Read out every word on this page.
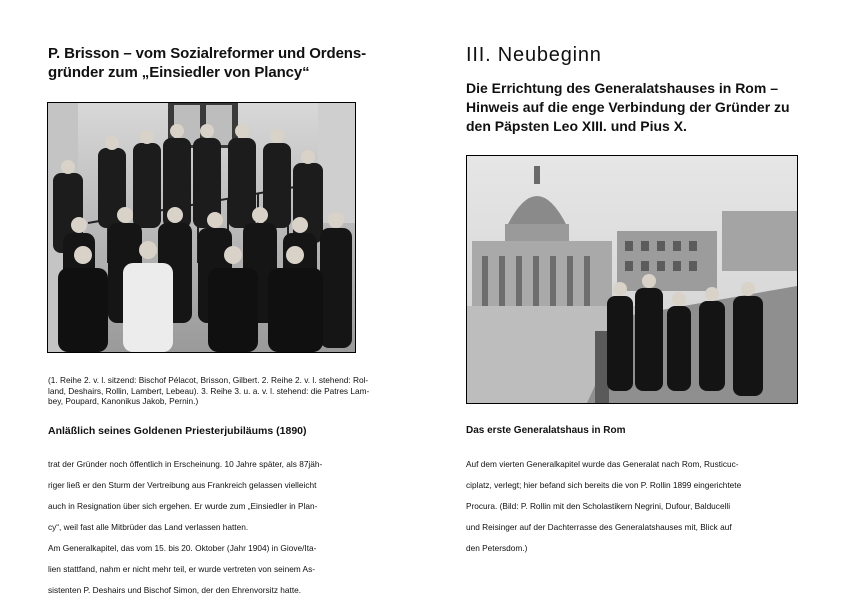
P. Brisson – vom Sozialreformer und Ordens-
gründer zum „Einsiedler von Plancy“
(1. Reihe 2. v. l. sitzend: Bischof Pélacot, Brisson, Gilbert. 2. Reihe 2. v. l. stehend: Rol- land, Deshairs, Rollin, Lambert, Lebeau). 3. Reihe 3. u. a. v. l. stehend: die Patres Lam- bey, Poupard, Kanonikus Jakob, Pernin.)
Anläßlich seines Goldenen Priesterjubiläums (1890)

trat der Gründer noch öffentlich in Erscheinung. 10 Jahre später, als 87jäh-

riger ließ er den Sturm der Vertreibung aus Frankreich gelassen vielleicht

auch in Resignation über sich ergehen. Er wurde zum „Einsiedler in Plan-

cy“, weil fast alle Mitbrüder das Land verlassen hatten.

Am Generalkapitel, das vom 15. bis 20. Oktober (Jahr 1904) in Giove/Ita-

lien stattfand, nahm er nicht mehr teil, er wurde vertreten von seinem As-

sistenten P. Deshairs und Bischof Simon, der den Ehrenvorsitz hatte.

III. Neubeginn
Die Errichtung des Generalatshauses in Rom –
Hinweis auf die enge Verbindung der Gründer zu
den Päpsten Leo XIII. und Pius X.
Das erste Generalatshaus in Rom

Auf dem vierten Generalkapitel wurde das Generalat nach Rom, Rusticuc-

ciplatz, verlegt; hier befand sich bereits die von P. Rollin 1899 eingerichtete

Procura. (Bild: P. Rollin mit den Scholastikern Negrini, Dufour, Balducelli

und Reisinger auf der Dachterrasse des Generalatshauses mit, Blick auf

den Petersdom.)
